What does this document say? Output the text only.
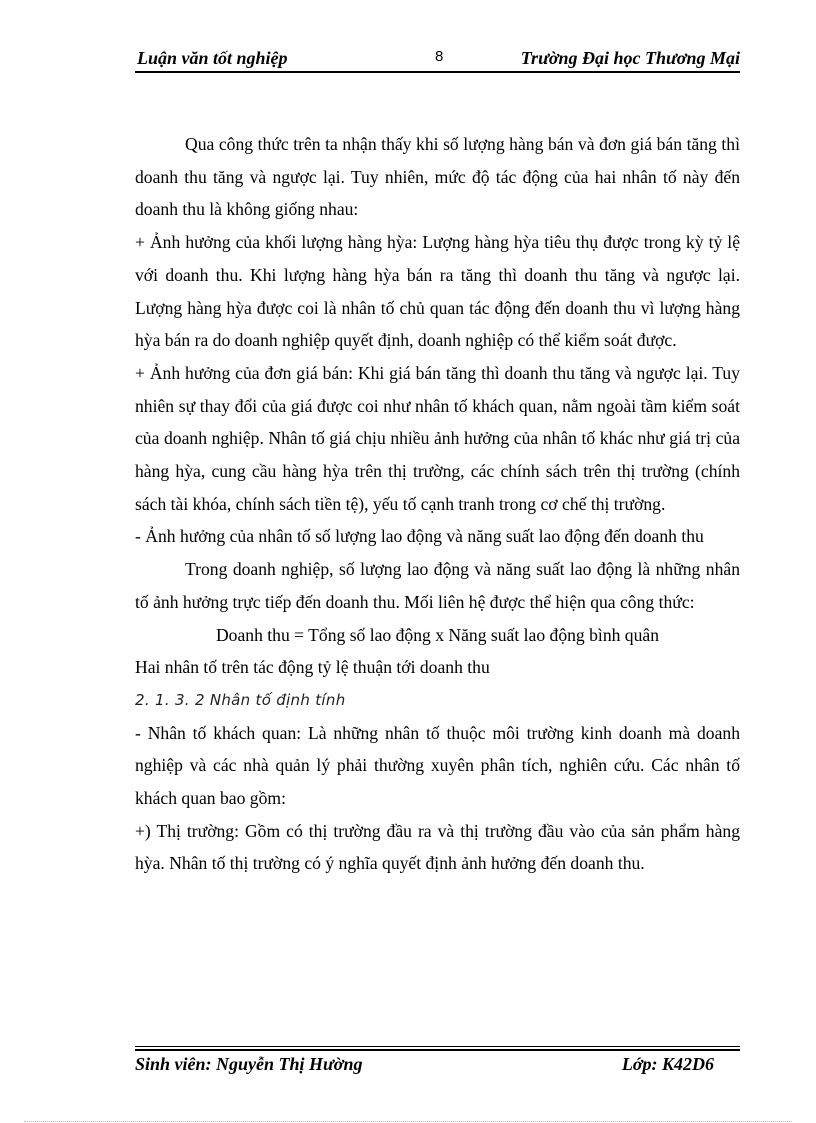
Luận văn tốt nghiệp	8	Trường Đại học Thương Mại

Qua công thức trên ta nhận thấy khi số lượng hàng bán và đơn giá bán tăng thì doanh thu tăng và ngược lại. Tuy nhiên, mức độ tác động của hai nhân tố này đến doanh thu là không giống nhau:

+ Ảnh hưởng của khối lượng hàng hỳa: Lượng hàng hỳa tiêu thụ được trong kỳ tỷ lệ với doanh thu. Khi lượng hàng hỳa bán ra tăng thì doanh thu tăng và ngược lại. Lượng hàng hỳa được coi là nhân tố chủ quan tác động đến doanh thu vì lượng hàng hỳa bán ra do doanh nghiệp quyết định, doanh nghiệp có thể kiểm soát được.

+ Ảnh hưởng của đơn giá bán: Khi giá bán tăng thì doanh thu tăng và ngược lại. Tuy nhiên sự thay đổi của giá được coi như nhân tố khách quan, nằm ngoài tầm kiểm soát của doanh nghiệp. Nhân tố giá chịu nhiều ảnh hưởng của nhân tố khác như giá trị của hàng hỳa, cung cầu hàng hỳa trên thị trường, các chính sách trên thị trường (chính sách tài khóa, chính sách tiền tệ), yếu tố cạnh tranh trong cơ chế thị trường.

- Ảnh hưởng của nhân tố số lượng lao động và năng suất lao động đến doanh thu

Trong doanh nghiệp, số lượng lao động và năng suất lao động là những nhân tố ảnh hưởng trực tiếp đến doanh thu. Mối liên hệ được thể hiện qua công thức:

Doanh thu = Tổng số lao động x Năng suất lao động bình quân

Hai nhân tố trên tác động tỷ lệ thuận tới doanh thu

2. 1. 3. 2 Nhân tố định tính

- Nhân tố khách quan: Là những nhân tố thuộc môi trường kinh doanh mà doanh nghiệp và các nhà quản lý phải thường xuyên phân tích, nghiên cứu. Các nhân tố khách quan bao gồm:

+) Thị trường: Gồm có thị trường đầu ra và thị trường đầu vào của sản phẩm hàng hỳa. Nhân tố thị trường có ý nghĩa quyết định ảnh hưởng đến doanh thu.

Sinh viên: Nguyễn Thị Hường	Lớp: K42D6
